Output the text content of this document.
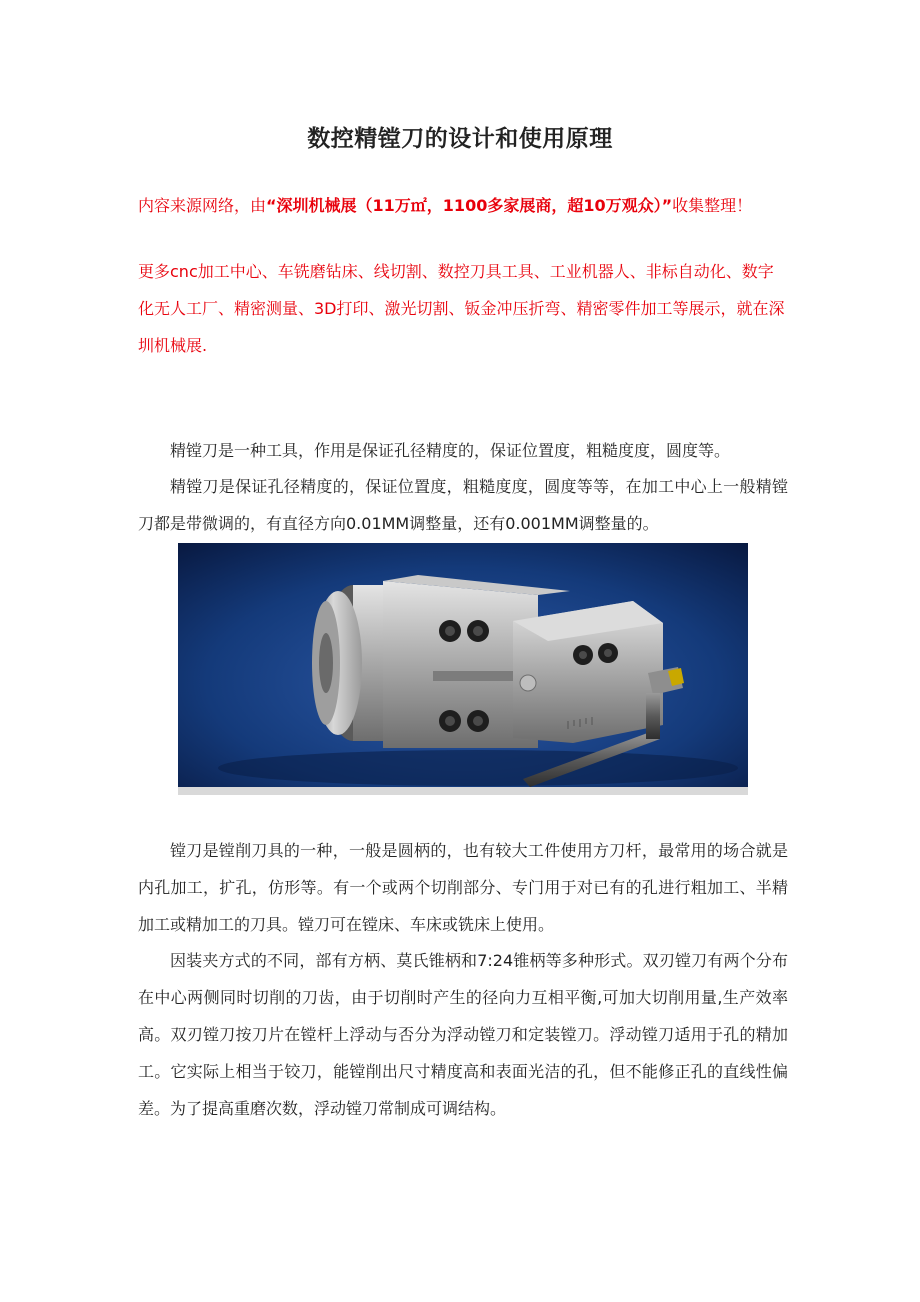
数控精镗刀的设计和使用原理
内容来源网络，由“深圳机械展（11万㎡，1100多家展商，超10万观众）”收集整理！
更多cnc加工中心、车铣磨钻床、线切割、数控刀具工具、工业机器人、非标自动化、数字化无人工厂、精密测量、3D打印、激光切割、钣金冲压折弯、精密零件加工等展示，就在深圳机械展.
精镗刀是一种工具，作用是保证孔径精度的，保证位置度，粗糙度度，圆度等。
精镗刀是保证孔径精度的，保证位置度，粗糙度度，圆度等等，在加工中心上一般精镗刀都是带微调的，有直径方向0.01MM调整量，还有0.001MM调整量的。
镗刀是镗削刀具的一种，一般是圆柄的，也有较大工件使用方刀杆，最常用的场合就是内孔加工，扩孔，仿形等。有一个或两个切削部分、专门用于对已有的孔进行粗加工、半精加工或精加工的刀具。镗刀可在镗床、车床或铣床上使用。
因装夹方式的不同，部有方柄、莫氏锥柄和7:24锥柄等多种形式。双刃镗刀有两个分布在中心两侧同时切削的刀齿，由于切削时产生的径向力互相平衡,可加大切削用量,生产效率高。双刃镗刀按刀片在镗杆上浮动与否分为浮动镗刀和定装镗刀。浮动镗刀适用于孔的精加工。它实际上相当于铰刀，能镗削出尺寸精度高和表面光洁的孔，但不能修正孔的直线性偏差。为了提高重磨次数，浮动镗刀常制成可调结构。
